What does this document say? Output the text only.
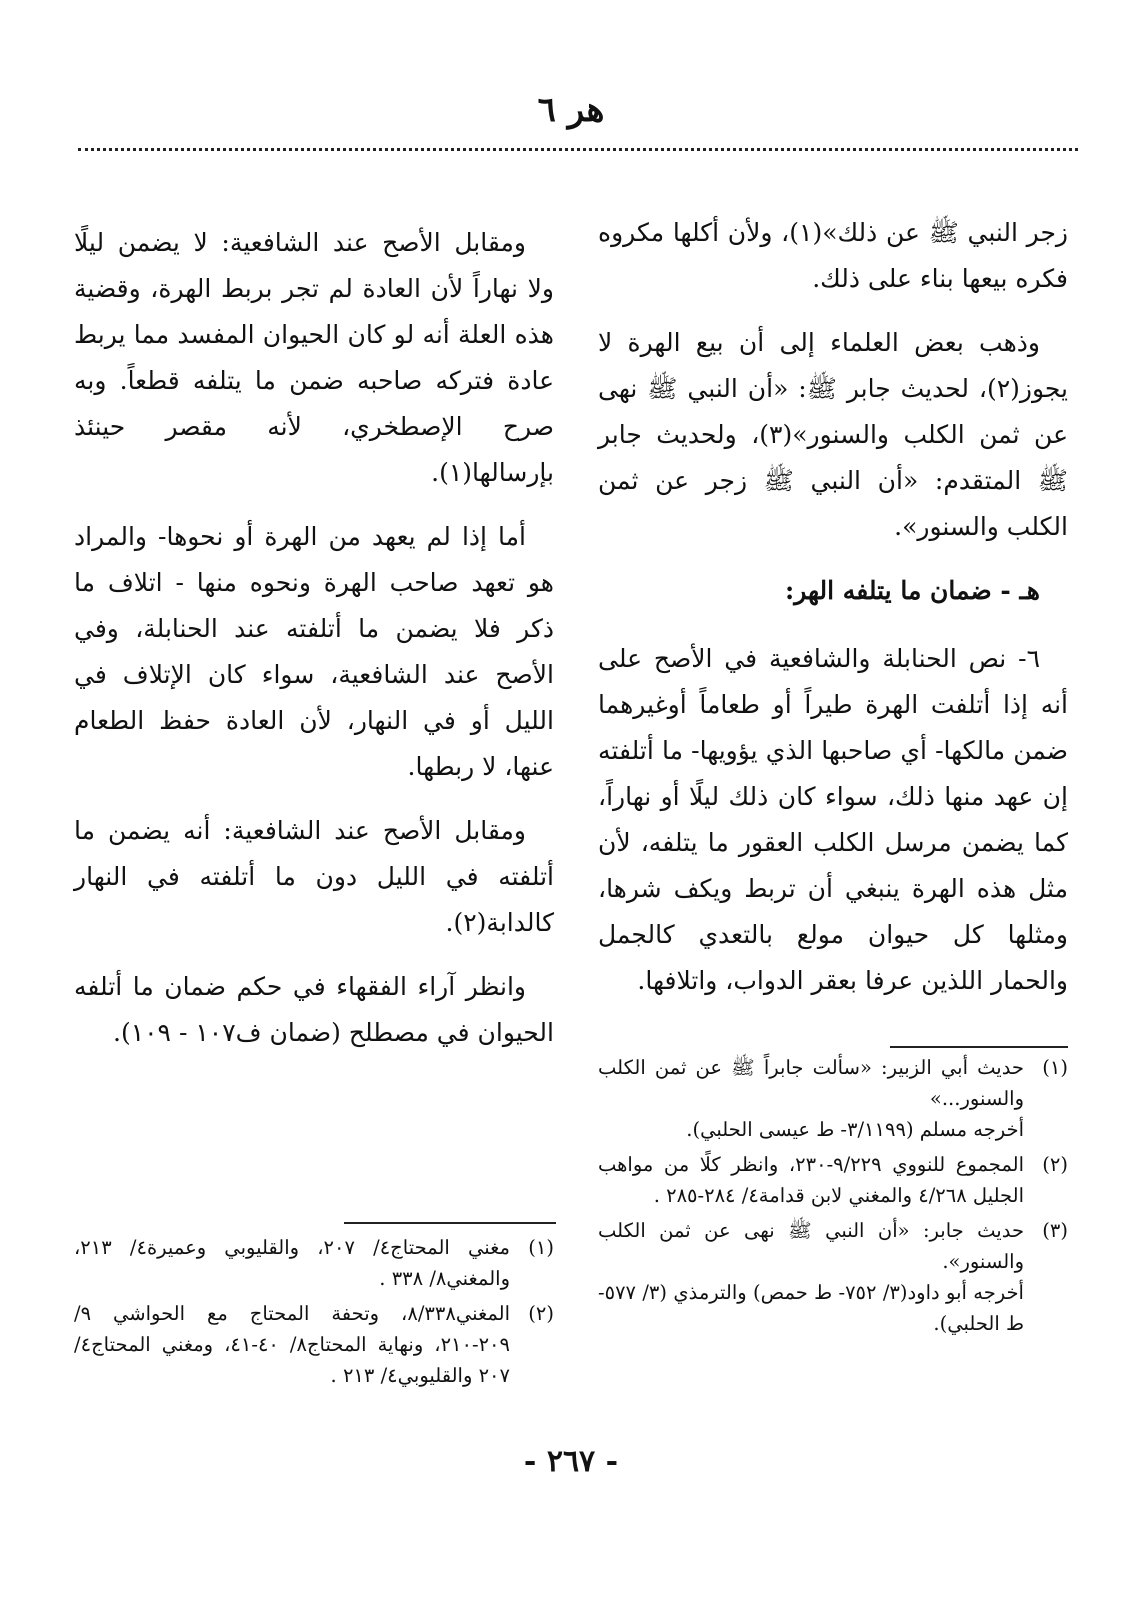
هر ٦

زجر النبي ﷺ عن ذلك»(١)، ولأن أكلها مكروه فكره بيعها بناء على ذلك.

وذهب بعض العلماء إلى أن بيع الهرة لا يجوز(٢)، لحديث جابر ﷺ: «أن النبي ﷺ نهى عن ثمن الكلب والسنور»(٣)، ولحديث جابر ﷺ المتقدم: «أن النبي ﷺ زجر عن ثمن الكلب والسنور».

هـ - ضمان ما يتلفه الهر:

٦- نص الحنابلة والشافعية في الأصح على أنه إذا أتلفت الهرة طيراً أو طعاماً أوغيرهما ضمن مالكها- أي صاحبها الذي يؤويها- ما أتلفته إن عهد منها ذلك، سواء كان ذلك ليلًا أو نهاراً، كما يضمن مرسل الكلب العقور ما يتلفه، لأن مثل هذه الهرة ينبغي أن تربط ويكف شرها، ومثلها كل حيوان مولع بالتعدي كالجمل والحمار اللذين عرفا بعقر الدواب، واتلافها.

ومقابل الأصح عند الشافعية: لا يضمن ليلًا ولا نهاراً لأن العادة لم تجر بربط الهرة، وقضية هذه العلة أنه لو كان الحيوان المفسد مما يربط عادة فتركه صاحبه ضمن ما يتلفه قطعاً. وبه صرح الإصطخري، لأنه مقصر حينئذ بإرسالها(١).

أما إذا لم يعهد من الهرة أو نحوها- والمراد هو تعهد صاحب الهرة ونحوه منها - اتلاف ما ذكر فلا يضمن ما أتلفته عند الحنابلة، وفي الأصح عند الشافعية، سواء كان الإتلاف في الليل أو في النهار، لأن العادة حفظ الطعام عنها، لا ربطها.

ومقابل الأصح عند الشافعية: أنه يضمن ما أتلفته في الليل دون ما أتلفته في النهار كالدابة(٢).

وانظر آراء الفقهاء في حكم ضمان ما أتلفه الحيوان في مصطلح (ضمان ف١٠٧ - ١٠٩).

(١)
حديث أبي الزبير: «سألت جابراً ﷺ عن ثمن الكلب والسنور...»
أخرجه مسلم (٣/١١٩٩- ط عيسى الحلبي).
(٢)
المجموع للنووي ٩/٢٢٩-٢٣٠، وانظر كلًا من مواهب الجليل ٤/٢٦٨ والمغني لابن قدامة٤/ ٢٨٤-٢٨٥ .
(٣)
حديث جابر: «أن النبي ﷺ نهى عن ثمن الكلب والسنور».
أخرجه أبو داود(٣/ ٧٥٢- ط حمص) والترمذي (٣/ ٥٧٧- ط الحلبي).
(١)
مغني المحتاج٤/ ٢٠٧، والقليوبي وعميرة٤/ ٢١٣، والمغني٨/ ٣٣٨ .
(٢)
المغني٨/٣٣٨، وتحفة المحتاج مع الحواشي ٩/ ٢٠٩-٢١٠، ونهاية المحتاج٨/ ٤٠-٤١، ومغني المحتاج٤/ ٢٠٧ والقليوبي٤/ ٢١٣ .
- ٢٦٧ -
